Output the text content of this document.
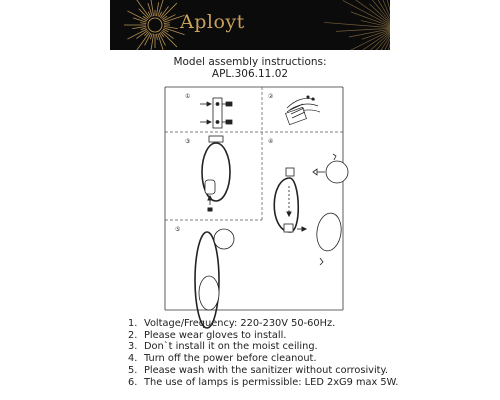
Aployt
Model assembly instructions:
APL.306.11.02
①	②
③	④
⑤
1. Voltage/Frequency: 220-230V 50-60Hz.
2. Please wear gloves to install.
3. Don`t install it on the moist ceiling.
4. Turn off the power before cleanout.
5. Please wash with the sanitizer without corrosivity.
6. The use of lamps is permissible: LED 2xG9 max 5W.
